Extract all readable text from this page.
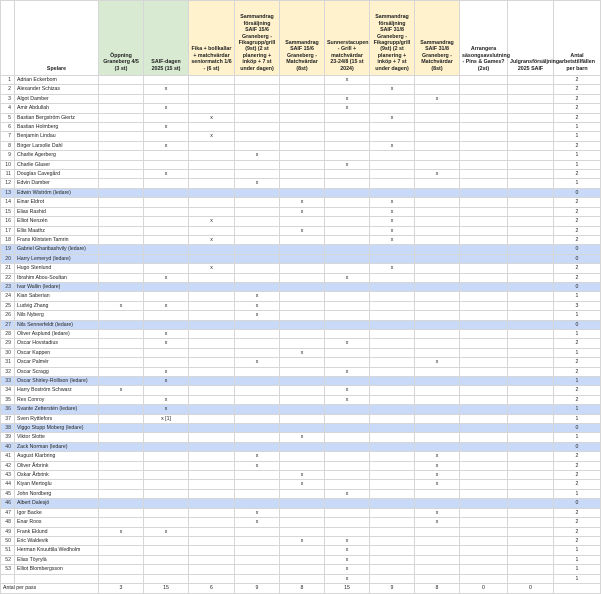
	Spelare	Öppning Graneberg 4/5 (3 st)	SAIF-dagen 2025 (15 st)	Fika + bollkallar + matchvärdar seniormatch 1/6 - (6 st)	Sammandrag försäljning SAIF 15/6 Graneberg - Fikagrupp/grill (9st) (2 st planering + inköp + 7 st under dagen)	Sammandrag SAIF 15/6 Graneberg - Matchvärdar (8st)	Sunnerstacupen - Grill + matchvärdar 23-24/8 (15 st 2024)	Sammandrag försäljning SAIF 31/8 Graneberg - Fikagrupp/grill (9st) (2 st planering + inköp + 7 st under dagen)	Sammandrag SAIF 31/8 Graneberg - Matchvärdar (8st)	Arrangera säsongsavslutning - Pins & Games? (2st)	Julgransförsäljning 2025 SAIF	Antal arbetstillfällen per barn
1	Adrian Eckerbom						x					2
2	Alexander Schizas		x					x				2
3	Algot Damber						x		x			2
4	Amir Abdullah		x				x					2
5	Bastian Bergström Giertz			x				x				2
6	Bastian Holmberg		x									1
7	Benjamin Lindau			x								1
8	Birger Larsolle Dahl		x					x				2
9	Charlie Agerberg				x							1
10	Charlie Glaser						x					1
11	Douglas Cavegård		x						x			2
12	Edvin Damber				x							1
13	Edwin Wiström (ledare)											0
14	Einar Eldrot					x		x				2
15	Elias Rashid					x		x				2
16	Elliot Nenzén			x				x				2
17	Ellis Maathz					x		x				2
18	Frans Klintsten Tamrin			x				x				2
19	Gabriel Gharibashvily (ledare)											0
20	Harry Lemeryd (ledare)											0
21	Hugo Stenlund			x				x				2
22	Ibrahim Abou-Soultan		x				x					2
23	Ivar Wallin (ledare)											0
24	Kian Saberian				x							1
25	Ludvig Zhang	x	x		x							3
26	Nils Nyberg				x							1
27	Nils Sennerfeldt (ledare)											0
28	Oliver Asplund (ledare)		x									1
29	Oscar Hovstadius		x				x					2
30	Oscar Kappen					x						1
31	Oscar Palmér				x				x			2
32	Oscar Scragg		x				x					2
33	Oscar Shirley-Rollison (ledare)		x									1
34	Harry Boström Schwarz	x					x					2
35	Rex Conroy		x				x					2
36	Svante Zetterstén (ledare)		x									1
37	Sven Ryttlefors		x [1]									1
38	Viggo Stupp Moberg (ledare)											0
39	Viktor Slotte					x						1
40	Zack Norman (ledare)											0
41	August Klarbring				x				x			2
42	Oliver Årbrink				x				x			2
43	Oskar Årbrink					x			x			2
44	Kiyan Mertoglu					x			x			2
45	John Nordberg						x					1
46	Albert Dalesjö											0
47	Igor Backe				x				x			2
48	Enar Roos				x				x			2
49	Frank Eklund	x	x									2
50	Eric Waldevik					x	x					2
51	Herman Knuuttila Wedholm						x					1
52	Elias Töyrylä						x					1
53	Elliot Blombergsson						x					1
							x					1
Antal per pass		3	15	6	9	8	15	9	8	0	0	
